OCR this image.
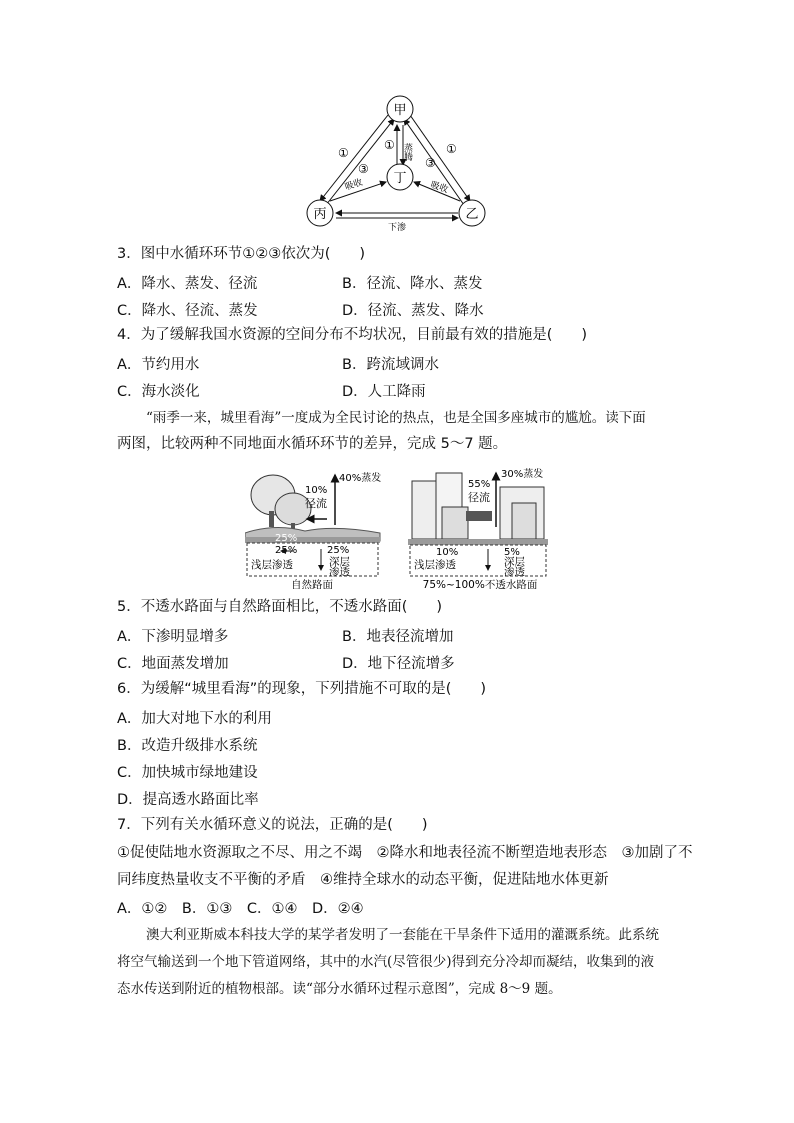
甲
丁
丙	乙
①
③
①
③
①
蒸腾
吸收	吸收
下渗
3．图中水循环环节①②③依次为(　　)
A．降水、蒸发、径流	B．径流、降水、蒸发
C．降水、径流、蒸发	D．径流、蒸发、降水
4．为了缓解我国水资源的空间分布不均状况，目前最有效的措施是(　　)
A．节约用水	B．跨流域调水
C．海水淡化	D．人工降雨
“雨季一来，城里看海”一度成为全民讨论的热点，也是全国多座城市的尴尬。读下面
两图，比较两种不同地面水循环环节的差异，完成 5～7 题。
40%蒸发
10%
径流
25%
25%
浅层渗透
25%
深层
渗透
自然路面
30%蒸发
55%
径流
10%
浅层渗透
5%
深层
渗透
75%~100%不透水路面
5．不透水路面与自然路面相比，不透水路面(　　)
A．下渗明显增多	B．地表径流增加
C．地面蒸发增加	D．地下径流增多
6．为缓解“城里看海”的现象，下列措施不可取的是(　　)
A．加大对地下水的利用
B．改造升级排水系统
C．加快城市绿地建设
D．提高透水路面比率
7．下列有关水循环意义的说法，正确的是(　　)
①促使陆地水资源取之不尽、用之不竭　②降水和地表径流不断塑造地表形态　③加剧了不
同纬度热量收支不平衡的矛盾　④维持全球水的动态平衡，促进陆地水体更新
A．①②　B．①③　C．①④　D．②④
澳大利亚斯威本科技大学的某学者发明了一套能在干旱条件下适用的灌溉系统。此系统
将空气输送到一个地下管道网络，其中的水汽(尽管很少)得到充分冷却而凝结，收集到的液
态水传送到附近的植物根部。读“部分水循环过程示意图”，完成 8～9 题。
